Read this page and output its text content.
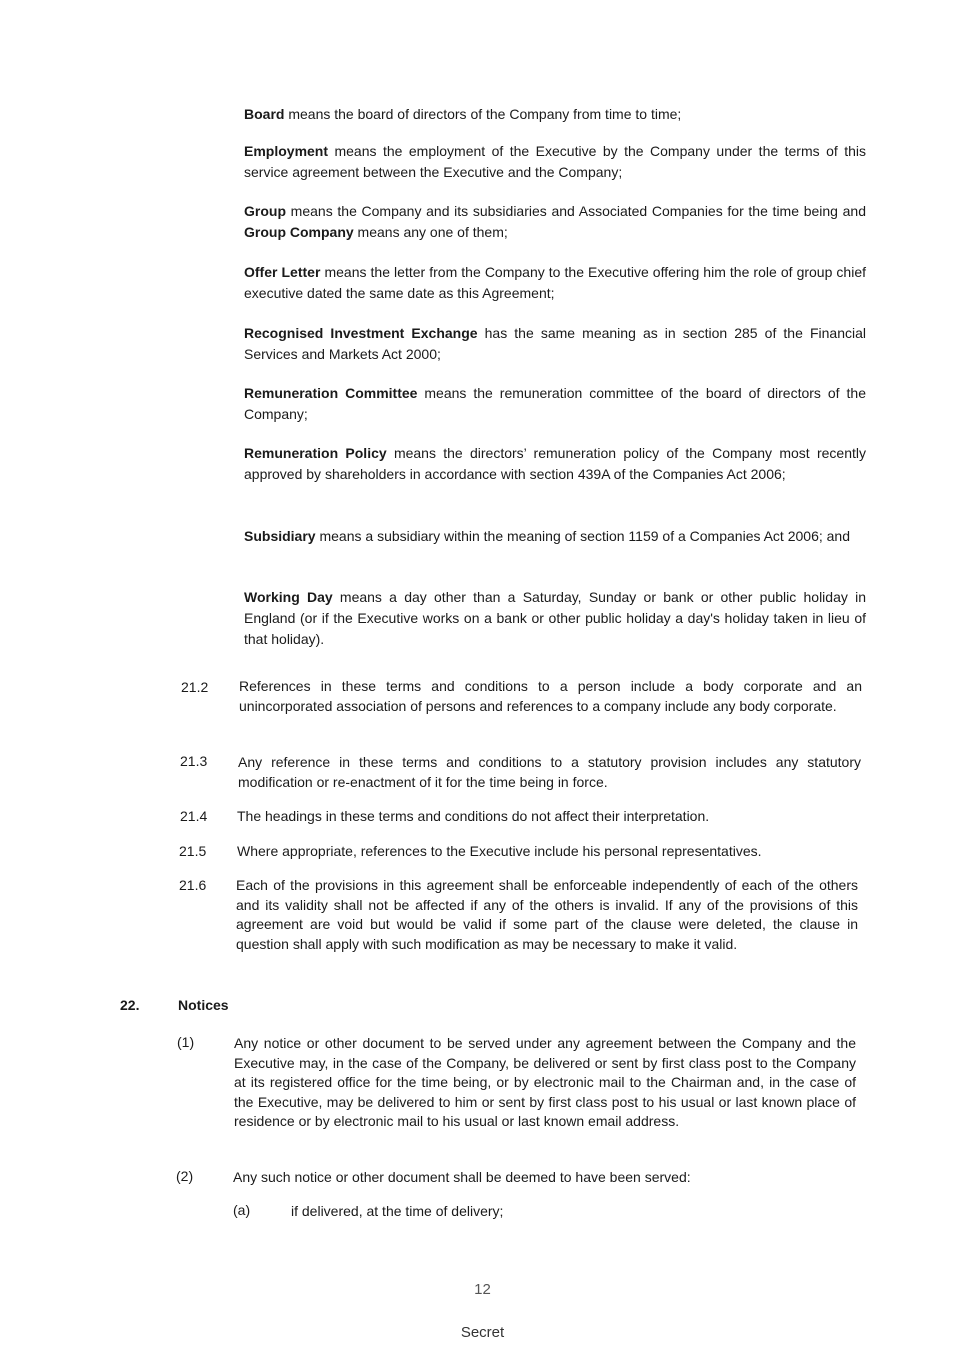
Board means the board of directors of the Company from time to time;

Employment means the employment of the Executive by the Company under the terms of this service agreement between the Executive and the Company;

Group means the Company and its subsidiaries and Associated Companies for the time being and Group Company means any one of them;

Offer Letter means the letter from the Company to the Executive offering him the role of group chief executive dated the same date as this Agreement;

Recognised Investment Exchange has the same meaning as in section 285 of the Financial Services and Markets Act 2000;

Remuneration Committee means the remuneration committee of the board of directors of the Company;

Remuneration Policy means the directors’ remuneration policy of the Company most recently approved by shareholders in accordance with section 439A of the Companies Act 2006;

Subsidiary means a subsidiary within the meaning of section 1159 of a Companies Act 2006; and

Working Day means a day other than a Saturday, Sunday or bank or other public holiday in England (or if the Executive works on a bank or other public holiday a day's holiday taken in lieu of that holiday).

21.2 References in these terms and conditions to a person include a body corporate and an unincorporated association of persons and references to a company include any body corporate.

21.3 Any reference in these terms and conditions to a statutory provision includes any statutory modification or re-enactment of it for the time being in force.

21.4 The headings in these terms and conditions do not affect their interpretation.

21.5 Where appropriate, references to the Executive include his personal representatives.

21.6 Each of the provisions in this agreement shall be enforceable independently of each of the others and its validity shall not be affected if any of the others is invalid. If any of the provisions of this agreement are void but would be valid if some part of the clause were deleted, the clause in question shall apply with such modification as may be necessary to make it valid.

22.	Notices
(1)	Any notice or other document to be served under any agreement between the Company and the Executive may, in the case of the Company, be delivered or sent by first class post to the Company at its registered office for the time being, or by electronic mail to the Chairman and, in the case of the Executive, may be delivered to him or sent by first class post to his usual or last known place of residence or by electronic mail to his usual or last known email address.

(2)	Any such notice or other document shall be deemed to have been served:

(a)	if delivered, at the time of delivery;

12
Secret
